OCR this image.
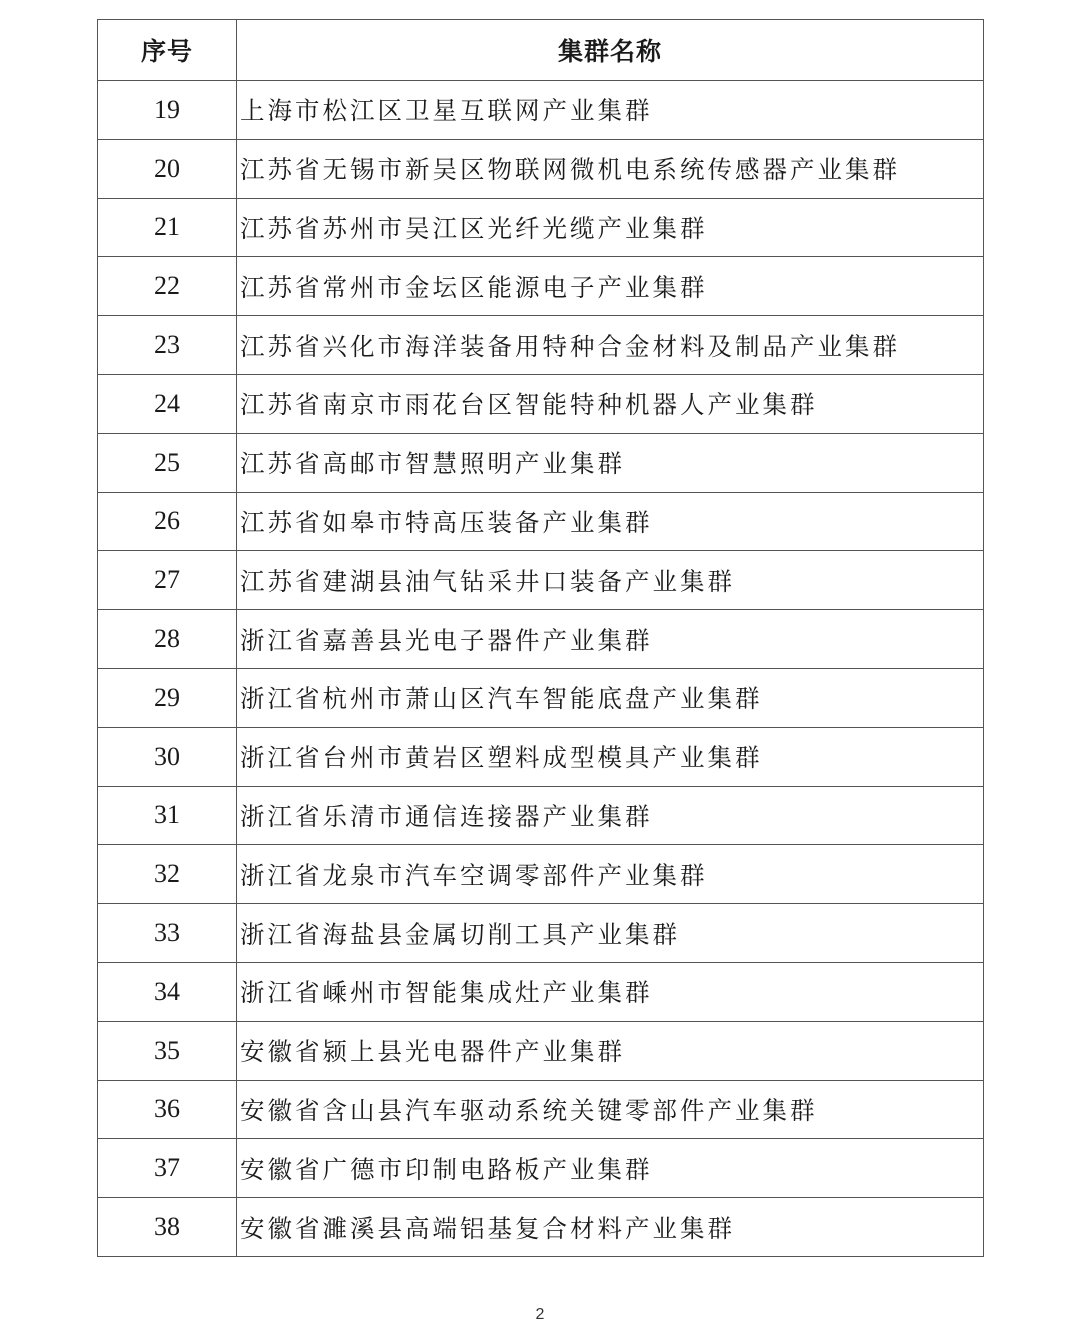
序号	集群名称
19	上海市松江区卫星互联网产业集群
20	江苏省无锡市新吴区物联网微机电系统传感器产业集群
21	江苏省苏州市吴江区光纤光缆产业集群
22	江苏省常州市金坛区能源电子产业集群
23	江苏省兴化市海洋装备用特种合金材料及制品产业集群
24	江苏省南京市雨花台区智能特种机器人产业集群
25	江苏省高邮市智慧照明产业集群
26	江苏省如皋市特高压装备产业集群
27	江苏省建湖县油气钻采井口装备产业集群
28	浙江省嘉善县光电子器件产业集群
29	浙江省杭州市萧山区汽车智能底盘产业集群
30	浙江省台州市黄岩区塑料成型模具产业集群
31	浙江省乐清市通信连接器产业集群
32	浙江省龙泉市汽车空调零部件产业集群
33	浙江省海盐县金属切削工具产业集群
34	浙江省嵊州市智能集成灶产业集群
35	安徽省颍上县光电器件产业集群
36	安徽省含山县汽车驱动系统关键零部件产业集群
37	安徽省广德市印制电路板产业集群
38	安徽省濉溪县高端铝基复合材料产业集群
2
